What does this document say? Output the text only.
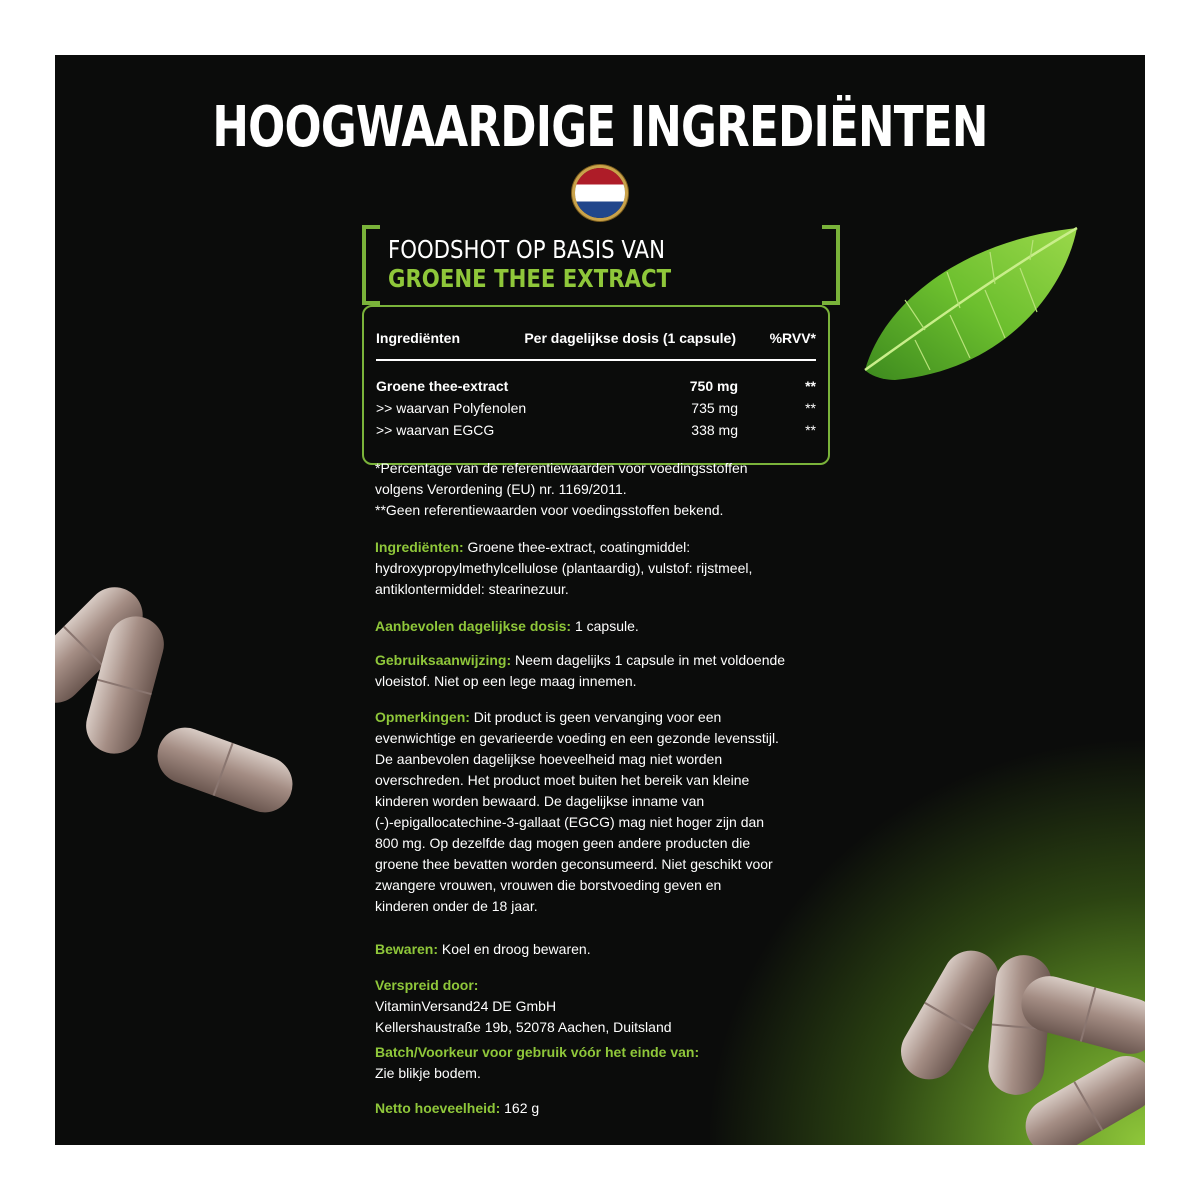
HOOGWAARDIGE INGREDIËNTEN
FOODSHOT OP BASIS VAN
GROENE THEE EXTRACT
Ingrediënten	Per dagelijkse dosis (1 capsule) %RVV*
Groene thee-extract	750 mg	**
>> waarvan Polyfenolen	735 mg	**
>> waarvan EGCG	338 mg	**
*Percentage van de referentiewaarden voor voedingsstoffen
volgens Verordening (EU) nr. 1169/2011.
**Geen referentiewaarden voor voedingsstoffen bekend.
Ingrediënten: Groene thee-extract, coatingmiddel:
hydroxypropylmethylcellulose (plantaardig), vulstof: rijstmeel,
antiklontermiddel: stearinezuur.
Aanbevolen dagelijkse dosis: 1 capsule.
Gebruiksaanwijzing: Neem dagelijks 1 capsule in met voldoende
vloeistof. Niet op een lege maag innemen.
Opmerkingen: Dit product is geen vervanging voor een
evenwichtige en gevarieerde voeding en een gezonde levensstijl.
De aanbevolen dagelijkse hoeveelheid mag niet worden
overschreden. Het product moet buiten het bereik van kleine
kinderen worden bewaard. De dagelijkse inname van
(-)-epigallocatechine-3-gallaat (EGCG) mag niet hoger zijn dan
800 mg. Op dezelfde dag mogen geen andere producten die
groene thee bevatten worden geconsumeerd. Niet geschikt voor
zwangere vrouwen, vrouwen die borstvoeding geven en
kinderen onder de 18 jaar.
Bewaren: Koel en droog bewaren.
Verspreid door:
VitaminVersand24 DE GmbH
Kellershaustraße 19b, 52078 Aachen, Duitsland
Batch/Voorkeur voor gebruik vóór het einde van:
Zie blikje bodem.
Netto hoeveelheid: 162 g
